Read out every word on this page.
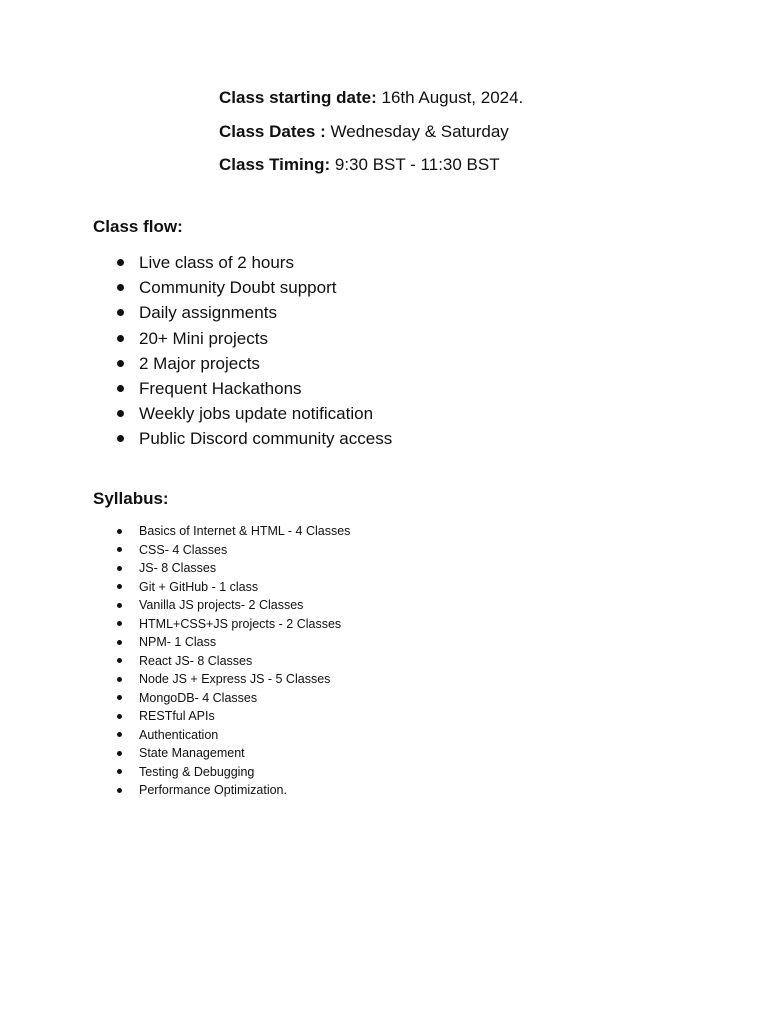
Class starting date: 16th August, 2024.
Class Dates : Wednesday & Saturday
Class Timing: 9:30 BST - 11:30 BST
Class flow:
Live class of 2 hours
Community Doubt support
Daily assignments
20+ Mini projects
2 Major projects
Frequent Hackathons
Weekly jobs update notification
Public Discord community access
Syllabus:
Basics of Internet & HTML - 4 Classes
CSS- 4 Classes
JS- 8 Classes
Git + GitHub - 1 class
Vanilla JS projects- 2 Classes
HTML+CSS+JS projects - 2 Classes
NPM- 1 Class
React JS- 8 Classes
Node JS + Express JS - 5 Classes
MongoDB- 4 Classes
RESTful APIs
Authentication
State Management
Testing & Debugging
Performance Optimization.
